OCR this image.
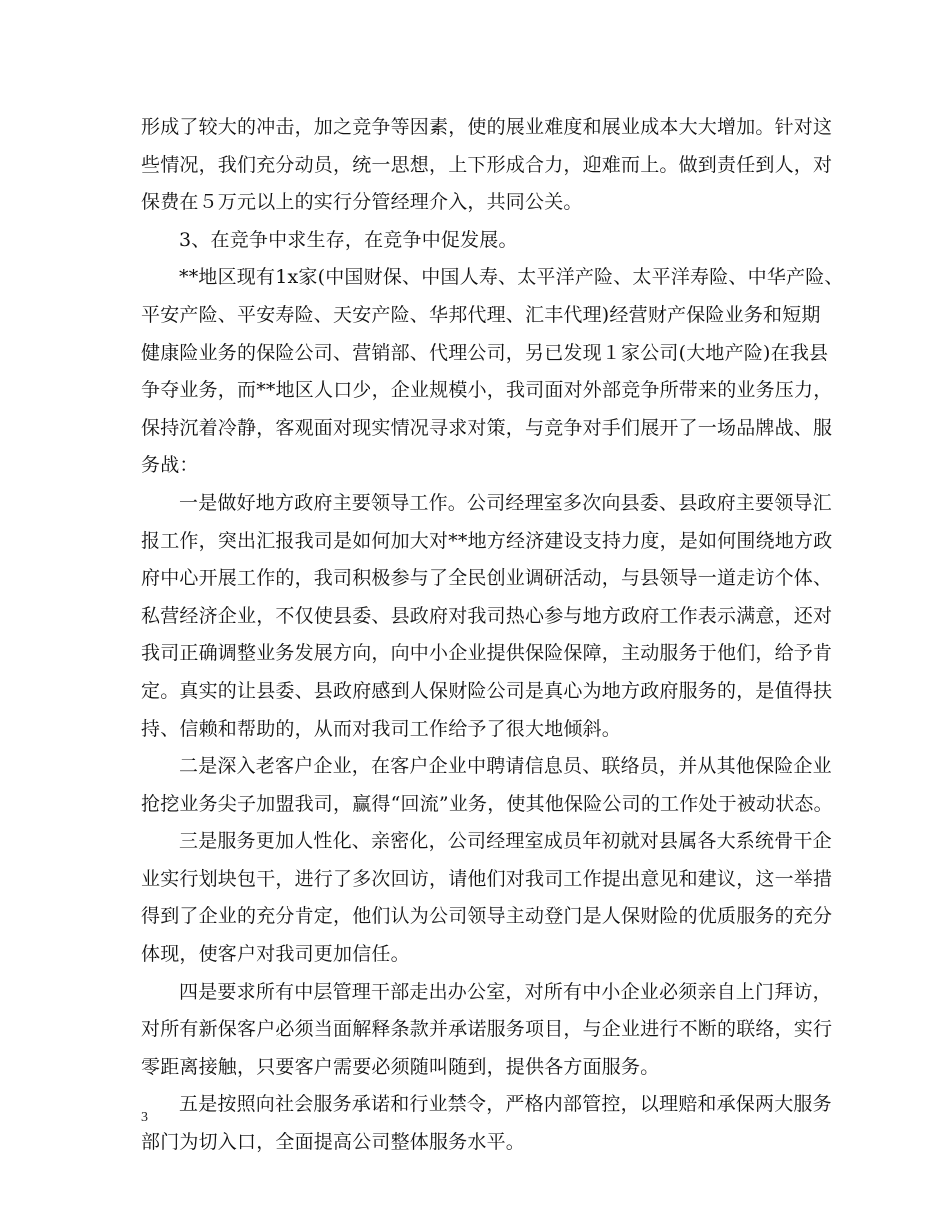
形成了较大的冲击，加之竞争等因素，使的展业难度和展业成本大大增加。针对这
些情况，我们充分动员，统一思想，上下形成合力，迎难而上。做到责任到人，对
保费在５万元以上的实行分管经理介入，共同公关。
3、在竞争中求生存，在竞争中促发展。
**地区现有1x家(中国财保、中国人寿、太平洋产险、太平洋寿险、中华产险、
平安产险、平安寿险、天安产险、华邦代理、汇丰代理)经营财产保险业务和短期
健康险业务的保险公司、营销部、代理公司，另已发现１家公司(大地产险)在我县
争夺业务，而**地区人口少，企业规模小，我司面对外部竞争所带来的业务压力，
保持沉着冷静，客观面对现实情况寻求对策，与竞争对手们展开了一场品牌战、服
务战：
一是做好地方政府主要领导工作。公司经理室多次向县委、县政府主要领导汇
报工作，突出汇报我司是如何加大对**地方经济建设支持力度，是如何围绕地方政
府中心开展工作的，我司积极参与了全民创业调研活动，与县领导一道走访个体、
私营经济企业，不仅使县委、县政府对我司热心参与地方政府工作表示满意，还对
我司正确调整业务发展方向，向中小企业提供保险保障，主动服务于他们，给予肯
定。真实的让县委、县政府感到人保财险公司是真心为地方政府服务的，是值得扶
持、信赖和帮助的，从而对我司工作给予了很大地倾斜。
二是深入老客户企业，在客户企业中聘请信息员、联络员，并从其他保险企业
抢挖业务尖子加盟我司，赢得“回流”业务，使其他保险公司的工作处于被动状态。
三是服务更加人性化、亲密化，公司经理室成员年初就对县属各大系统骨干企
业实行划块包干，进行了多次回访，请他们对我司工作提出意见和建议，这一举措
得到了企业的充分肯定，他们认为公司领导主动登门是人保财险的优质服务的充分
体现，使客户对我司更加信任。
四是要求所有中层管理干部走出办公室，对所有中小企业必须亲自上门拜访，
对所有新保客户必须当面解释条款并承诺服务项目，与企业进行不断的联络，实行
零距离接触，只要客户需要必须随叫随到，提供各方面服务。
五是按照向社会服务承诺和行业禁令，严格内部管控，以理赔和承保两大服务
部门为切入口，全面提高公司整体服务水平。
3
